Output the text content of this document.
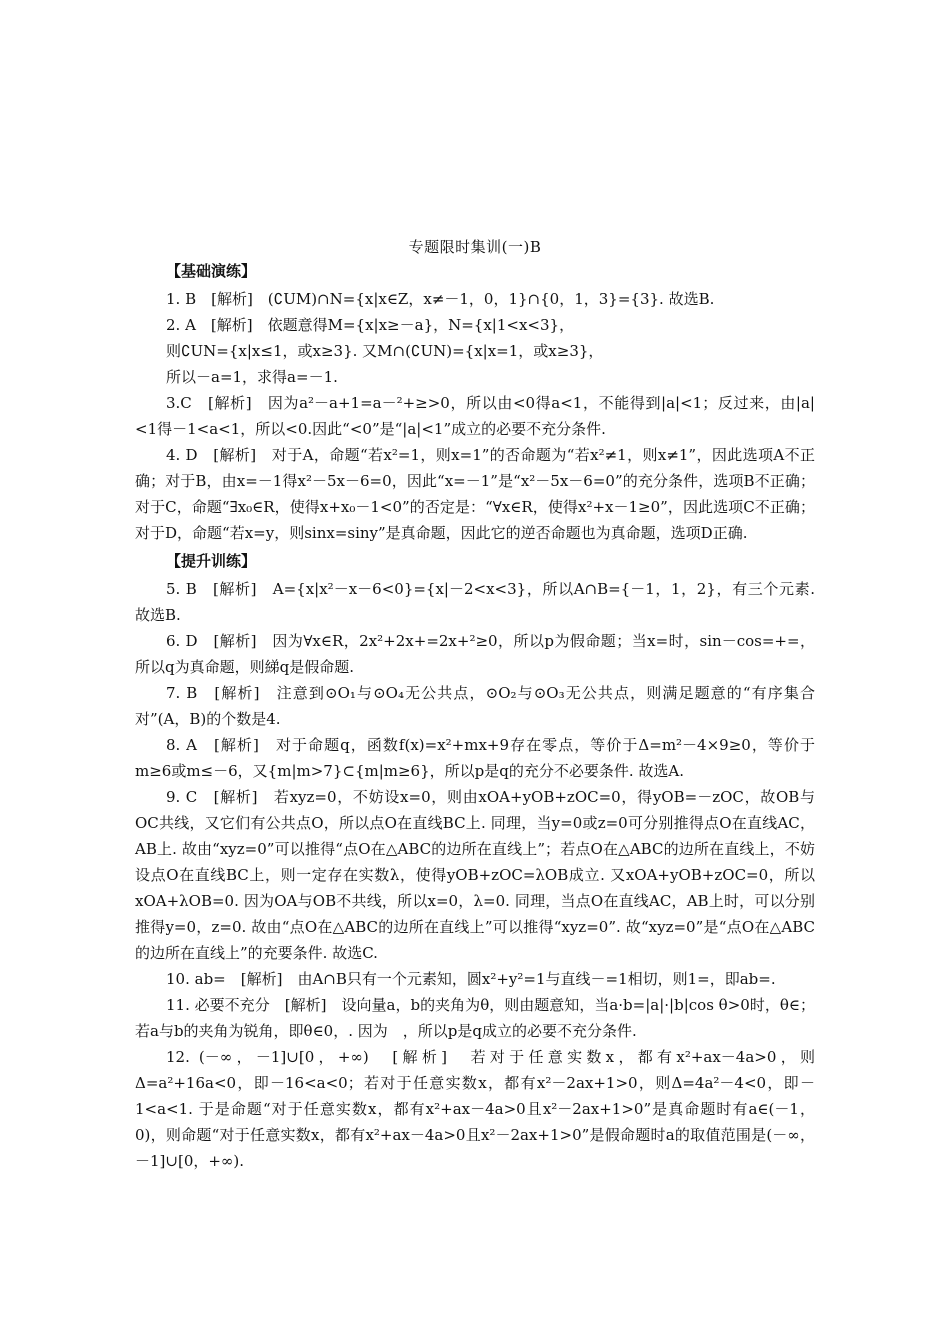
专题限时集训(一)B
【基础演练】

1. B　[解析]　(∁UM)∩N={x|x∈Z，x≠－1，0，1}∩{0，1，3}={3}. 故选B.

2. A　[解析]　依题意得M={x|x≥－a}，N={x|1<x<3}，

则∁UN={x|x≤1，或x≥3}. 又M∩(∁UN)={x|x=1，或x≥3}，

所以－a=1，求得a=－1.

3.C　[解析]　因为a²－a+1=a－²+≥>0，所以由<0得a<1，不能得到|a|<1；反过来，由|a|<1得－1<a<1，所以<0.因此“<0”是“|a|<1”成立的必要不充分条件.

4. D　[解析]　对于A，命题“若x²=1，则x=1”的否命题为“若x²≠1，则x≠1”，因此选项A不正确；对于B，由x=－1得x²－5x－6=0，因此“x=－1”是“x²－5x－6=0”的充分条件，选项B不正确；对于C，命题“∃x₀∈R，使得x+x₀－1<0”的否定是：“∀x∈R，使得x²+x－1≥0”，因此选项C不正确；对于D，命题“若x=y，则sinx=siny”是真命题，因此它的逆否命题也为真命题，选项D正确.

【提升训练】

5. B　[解析]　A={x|x²－x－6<0}={x|－2<x<3}，所以A∩B={－1，1，2}，有三个元素. 故选B.

6. D　[解析]　因为∀x∈R，2x²+2x+=2x+²≥0，所以p为假命题；当x=时，sin－cos=+=，所以q为真命题，则綈q是假命题.

7. B　[解析]　注意到⊙O₁与⊙O₄无公共点，⊙O₂与⊙O₃无公共点，则满足题意的“有序集合对”(A，B)的个数是4.

8. A　[解析]　对于命题q，函数f(x)=x²+mx+9存在零点，等价于Δ=m²－4×9≥0，等价于m≥6或m≤－6，又{m|m>7}⊂{m|m≥6}，所以p是q的充分不必要条件. 故选A.

9. C　[解析]　若xyz=0，不妨设x=0，则由xOA+yOB+zOC=0，得yOB=－zOC，故OB与OC共线，又它们有公共点O，所以点O在直线BC上. 同理，当y=0或z=0可分别推得点O在直线AC，AB上. 故由“xyz=0”可以推得“点O在△ABC的边所在直线上”；若点O在△ABC的边所在直线上，不妨设点O在直线BC上，则一定存在实数λ，使得yOB+zOC=λOB成立. 又xOA+yOB+zOC=0，所以xOA+λOB=0. 因为OA与OB不共线，所以x=0，λ=0. 同理，当点O在直线AC，AB上时，可以分别推得y=0，z=0. 故由“点O在△ABC的边所在直线上”可以推得“xyz=0”. 故“xyz=0”是“点O在△ABC的边所在直线上”的充要条件. 故选C.

10. ab=　[解析]　由A∩B只有一个元素知，圆x²+y²=1与直线－=1相切，则1=，即ab=.

11. 必要不充分　[解析]　设向量a，b的夹角为θ，则由题意知，当a·b=|a|·|b|cos θ>0时，θ∈；若a与b的夹角为锐角，即θ∈0，. 因为　，所以p是q成立的必要不充分条件.

12. (－∞，－1]∪[0，+∞)　[解析]　若对于任意实数x，都有x²+ax－4a>0，则Δ=a²+16a<0，即－16<a<0；若对于任意实数x，都有x²－2ax+1>0，则Δ=4a²－4<0，即－1<a<1. 于是命题“对于任意实数x，都有x²+ax－4a>0且x²－2ax+1>0”是真命题时有a∈(－1，0)，则命题“对于任意实数x，都有x²+ax－4a>0且x²－2ax+1>0”是假命题时a的取值范围是(－∞，－1]∪[0，+∞).
